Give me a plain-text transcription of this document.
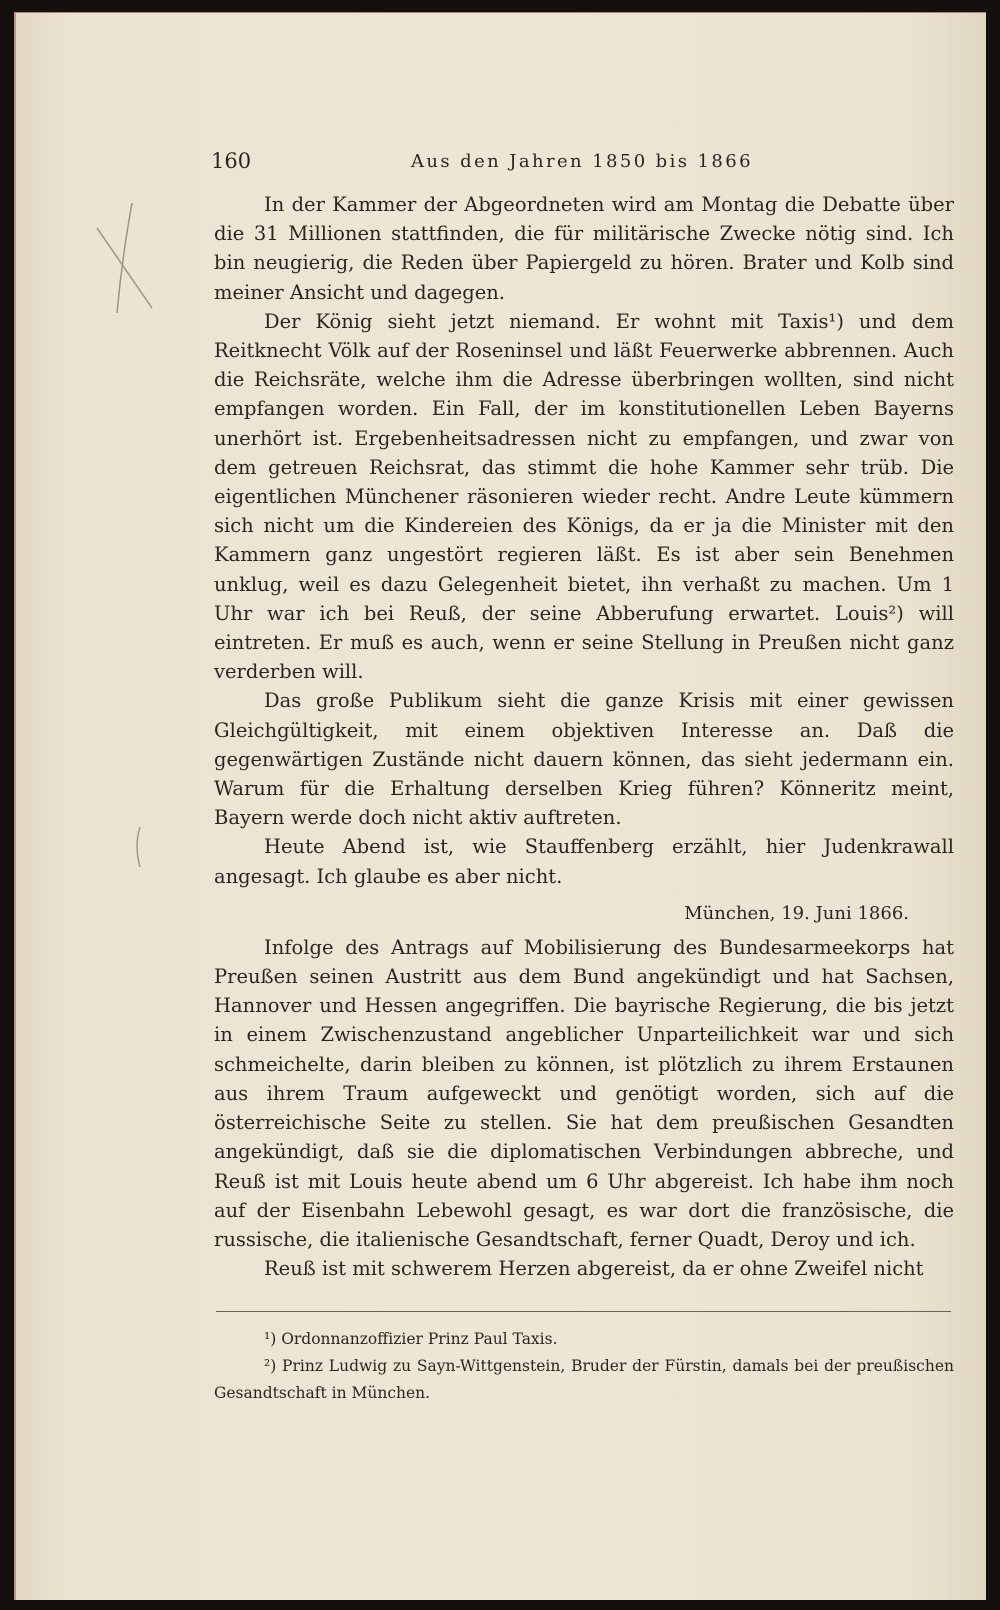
160	Aus den Jahren 1850 bis 1866

In der Kammer der Abgeordneten wird am Montag die Debatte über die 31 Millionen stattfinden, die für militärische Zwecke nötig sind. Ich bin neugierig, die Reden über Papiergeld zu hören. Brater und Kolb sind meiner Ansicht und dagegen.

Der König sieht jetzt niemand. Er wohnt mit Taxis¹) und dem Reitknecht Völk auf der Roseninsel und läßt Feuerwerke abbrennen. Auch die Reichsräte, welche ihm die Adresse überbringen wollten, sind nicht empfangen worden. Ein Fall, der im konstitutionellen Leben Bayerns unerhört ist. Ergebenheitsadressen nicht zu empfangen, und zwar von dem getreuen Reichsrat, das stimmt die hohe Kammer sehr trüb. Die eigentlichen Münchener räsonieren wieder recht. Andre Leute kümmern sich nicht um die Kindereien des Königs, da er ja die Minister mit den Kammern ganz ungestört regieren läßt. Es ist aber sein Benehmen unklug, weil es dazu Gelegenheit bietet, ihn verhaßt zu machen. Um 1 Uhr war ich bei Reuß, der seine Abberufung erwartet. Louis²) will eintreten. Er muß es auch, wenn er seine Stellung in Preußen nicht ganz verderben will.

Das große Publikum sieht die ganze Krisis mit einer gewissen Gleichgültigkeit, mit einem objektiven Interesse an. Daß die gegenwärtigen Zustände nicht dauern können, das sieht jedermann ein. Warum für die Erhaltung derselben Krieg führen? Könneritz meint, Bayern werde doch nicht aktiv auftreten.

Heute Abend ist, wie Stauffenberg erzählt, hier Judenkrawall angesagt. Ich glaube es aber nicht.

München, 19. Juni 1866.

Infolge des Antrags auf Mobilisierung des Bundesarmeekorps hat Preußen seinen Austritt aus dem Bund angekündigt und hat Sachsen, Hannover und Hessen angegriffen. Die bayrische Regierung, die bis jetzt in einem Zwischenzustand angeblicher Unparteilichkeit war und sich schmeichelte, darin bleiben zu können, ist plötzlich zu ihrem Erstaunen aus ihrem Traum aufgeweckt und genötigt worden, sich auf die österreichische Seite zu stellen. Sie hat dem preußischen Gesandten angekündigt, daß sie die diplomatischen Verbindungen abbreche, und Reuß ist mit Louis heute abend um 6 Uhr abgereist. Ich habe ihm noch auf der Eisenbahn Lebewohl gesagt, es war dort die französische, die russische, die italienische Gesandtschaft, ferner Quadt, Deroy und ich.

Reuß ist mit schwerem Herzen abgereist, da er ohne Zweifel nicht

¹) Ordonnanzoffizier Prinz Paul Taxis.

²) Prinz Ludwig zu Sayn-Wittgenstein, Bruder der Fürstin, damals bei der preußischen Gesandtschaft in München.
